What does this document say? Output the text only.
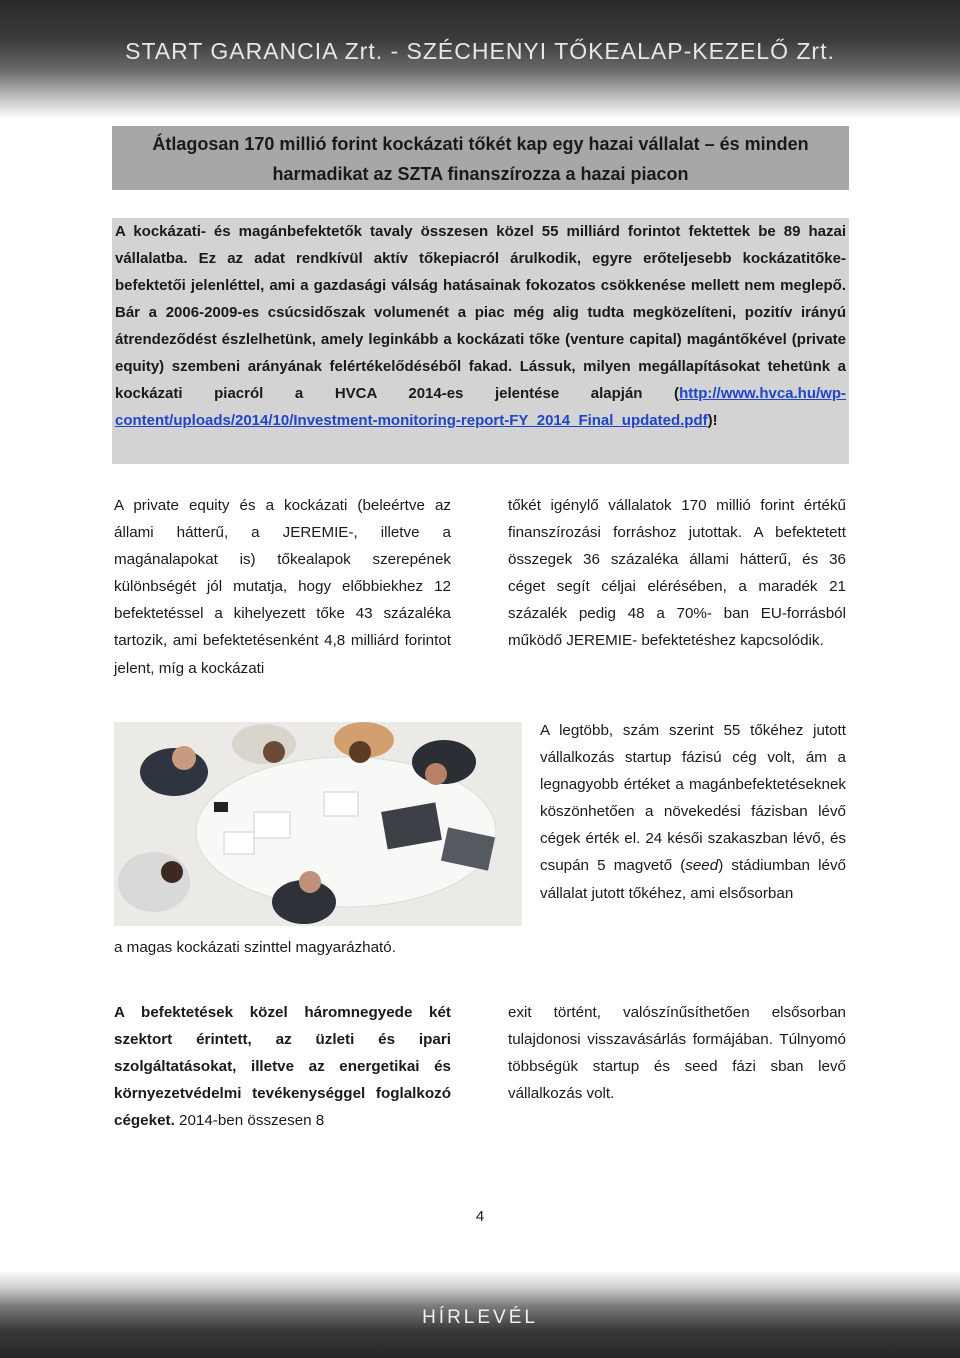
START GARANCIA Zrt. - SZÉCHENYI TŐKEALAP-KEZELŐ Zrt.
Átlagosan 170 millió forint kockázati tőkét kap egy hazai vállalat – és minden
harmadikat az SZTA finanszírozza a hazai piacon
A kockázati- és magánbefektetők tavaly összesen közel 55 milliárd forintot fektettek be 89 hazai vállalatba. Ez az adat rendkívül aktív tőkepiacról árulkodik, egyre erőteljesebb kockázatitőke- befektetői jelenléttel, ami a gazdasági válság hatásainak fokozatos csökkenése mellett nem meglepő. Bár a 2006-2009-es csúcsidőszak volumenét a piac még alig tudta megközelíteni, pozitív irányú átrendeződést észlelhetünk, amely leginkább a kockázati tőke (venture capital) magántőkével (private equity) szembeni arányának felértékelődéséből fakad. Lássuk, milyen megállapításokat tehetünk a kockázati piacról a HVCA 2014-es jelentése alapján (http://www.hvca.hu/wp-content/uploads/2014/10/Investment-monitoring-report-FY_2014_Final_updated.pdf)!

A private equity és a kockázati (beleértve az állami hátterű, a JEREMIE-, illetve a magánalapokat is) tőkealapok szerepének különbségét jól mutatja, hogy előbbiekhez 12 befektetéssel a kihelyezett tőke 43 százaléka tartozik, ami befektetésenként 4,8 milliárd forintot jelent, míg a kockázati

tőkét igénylő vállalatok 170 millió forint értékű finanszírozási forráshoz jutottak. A befektetett összegek 36 százaléka állami hátterű, és 36 céget segít céljai elérésében, a maradék 21 százalék pedig 48 a 70%- ban EU-forrásból működő JEREMIE- befektetéshez kapcsolódik.

A legtöbb, szám szerint 55 tőkéhez jutott vállalkozás startup fázisú cég volt, ám a legnagyobb értéket a magánbefektetéseknek köszönhetően a növekedési fázisban lévő cégek érték el. 24 késői szakaszban lévő, és csupán 5 magvető (seed) stádiumban lévő vállalat jutott tőkéhez, ami elsősorban

a magas kockázati szinttel magyarázható.

A befektetések közel háromnegyede két szektort érintett, az üzleti és ipari szolgáltatásokat, illetve az energetikai és környezetvédelmi tevékenységgel foglalkozó cégeket. 2014-ben összesen 8

exit történt, valószínűsíthetően elsősorban tulajdonosi visszavásárlás formájában. Túlnyomó többségük startup és seed fázi sban levő vállalkozás volt.

4
HÍRLEVÉL
